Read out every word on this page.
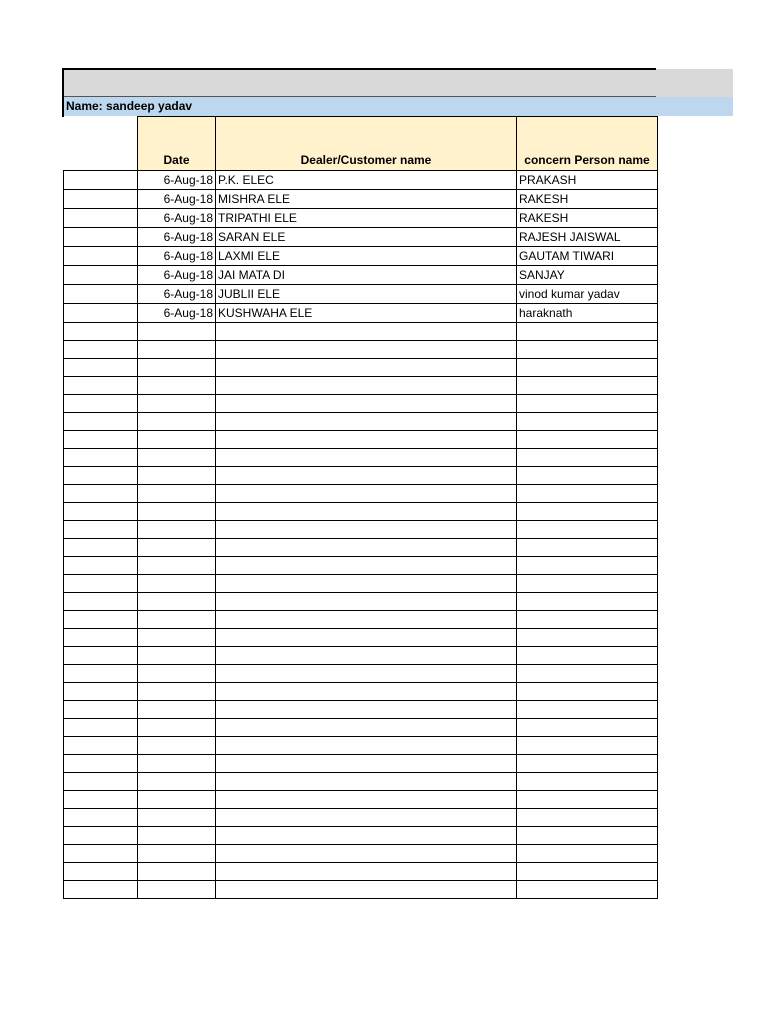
Name: sandeep yadav
	Date	Dealer/Customer name	concern Person name
	6-Aug-18	P.K. ELEC	PRAKASH
	6-Aug-18	MISHRA ELE	RAKESH
	6-Aug-18	TRIPATHI ELE	RAKESH
	6-Aug-18	SARAN ELE	RAJESH JAISWAL
	6-Aug-18	LAXMI ELE	GAUTAM TIWARI
	6-Aug-18	JAI MATA DI	SANJAY
	6-Aug-18	JUBLII ELE	vinod kumar yadav
	6-Aug-18	KUSHWAHA ELE	haraknath
